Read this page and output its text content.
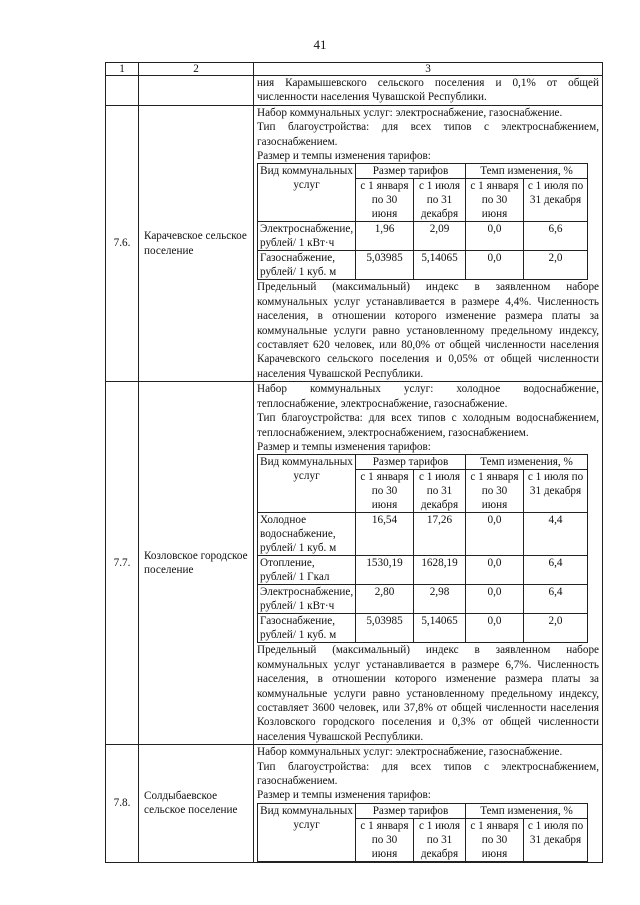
41
1	2	3
		ния Карамышевского сельского поселения и 0,1% от общей численности населения Чувашской Республики.
7.6.	Карачевское сельское поселение	

Набор коммунальных услуг: электроснабжение, газоснабжение.

Тип благоустройства: для всех типов с электроснабжением, газоснабжением.

Размер и темпы изменения тарифов:

Вид коммунальных услуг	Размер тарифов	Темп изменения, %
с 1 января по 30 июня	с 1 июля по 31 декабря	с 1 января по 30 июня	с 1 июля по 31 декабря
Электроснабжение, рублей/ 1 кВт·ч	1,96	2,09	0,0	6,6
Газоснабжение, рублей/ 1 куб. м	5,03985	5,14065	0,0	2,0

Предельный (максимальный) индекс в заявленном наборе коммунальных услуг устанавливается в размере 4,4%. Численность населения, в отношении которого изменение размера платы за коммунальные услуги равно установленному предельному индексу, составляет 620 человек, или 80,0% от общей численности населения Карачевского сельского поселения и 0,05% от общей численности населения Чувашской Республики.

7.7.	Козловское городское поселение	

Набор коммунальных услуг: холодное водоснабжение, теплоснабжение, электроснабжение, газоснабжение.

Тип благоустройства: для всех типов с холодным водоснабжением, теплоснабжением, электроснабжением, газоснабжением.

Размер и темпы изменения тарифов:

Вид коммунальных услуг	Размер тарифов	Темп изменения, %
с 1 января по 30 июня	с 1 июля по 31 декабря	с 1 января по 30 июня	с 1 июля по 31 декабря
Холодное водоснабжение, рублей/ 1 куб. м	16,54	17,26	0,0	4,4
Отопление, рублей/ 1 Гкал	1530,19	1628,19	0,0	6,4
Электроснабжение, рублей/ 1 кВт·ч	2,80	2,98	0,0	6,4
Газоснабжение, рублей/ 1 куб. м	5,03985	5,14065	0,0	2,0

Предельный (максимальный) индекс в заявленном наборе коммунальных услуг устанавливается в размере 6,7%. Численность населения, в отношении которого изменение размера платы за коммунальные услуги равно установленному предельному индексу, составляет 3600 человек, или 37,8% от общей численности населения Козловского городского поселения и 0,3% от общей численности населения Чувашской Республики.

7.8.	Солдыбаевское сельское поселение	

Набор коммунальных услуг: электроснабжение, газоснабжение.

Тип благоустройства: для всех типов с электроснабжением, газоснабжением.

Размер и темпы изменения тарифов:

Вид коммунальных услуг	Размер тарифов	Темп изменения, %
с 1 января по 30 июня	с 1 июля по 31 декабря	с 1 января по 30 июня	с 1 июля по 31 декабря
